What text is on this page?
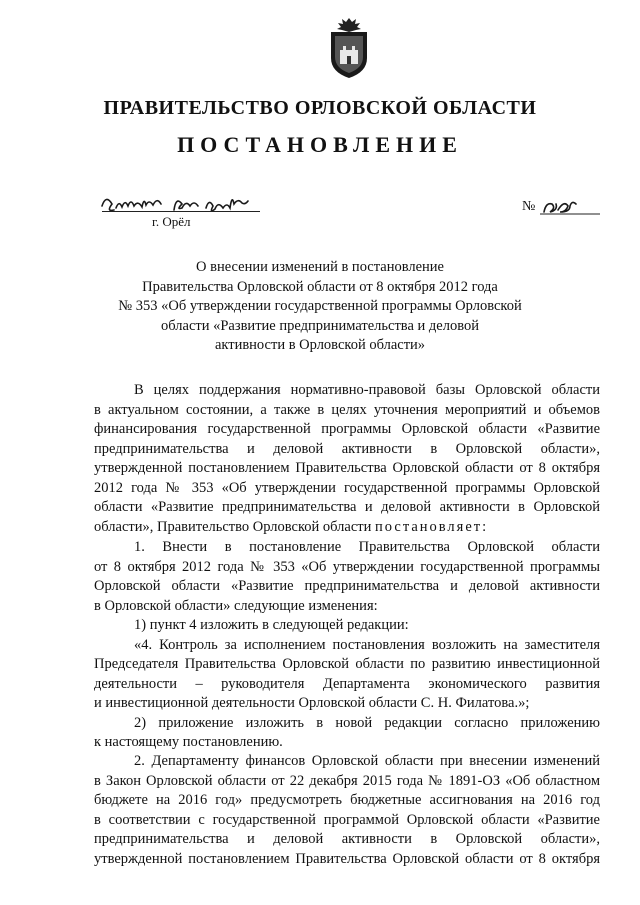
ПРАВИТЕЛЬСТВО ОРЛОВСКОЙ ОБЛАСТИ
ПОСТАНОВЛЕНИЕ
г. Орёл
№
О внесении изменений в постановление
Правительства Орловской области от 8 октября 2012 года
№ 353 «Об утверждении государственной программы Орловской
области «Развитие предпринимательства и деловой
активности в Орловской области»
В целях поддержания нормативно-правовой базы Орловской области
в актуальном состоянии, а также в целях уточнения мероприятий и объемов
финансирования государственной программы Орловской области «Развитие
предпринимательства и деловой активности в Орловской области»,
утвержденной постановлением Правительства Орловской области от 8 октября
2012 года № 353 «Об утверждении государственной программы Орловской
области «Развитие предпринимательства и деловой активности в Орловской
области», Правительство Орловской области постановляет:
1. Внести в постановление Правительства Орловской области
от 8 октября 2012 года № 353 «Об утверждении государственной программы
Орловской области «Развитие предпринимательства и деловой активности
в Орловской области» следующие изменения:
1) пункт 4 изложить в следующей редакции:
«4. Контроль за исполнением постановления возложить на заместителя
Председателя Правительства Орловской области по развитию инвестиционной
деятельности – руководителя Департамента экономического развития
и инвестиционной деятельности Орловской области С. Н. Филатова.»;
2) приложение изложить в новой редакции согласно приложению
к настоящему постановлению.
2. Департаменту финансов Орловской области при внесении изменений
в Закон Орловской области от 22 декабря 2015 года № 1891-ОЗ «Об областном
бюджете на 2016 год» предусмотреть бюджетные ассигнования на 2016 год
в соответствии с государственной программой Орловской области «Развитие
предпринимательства и деловой активности в Орловской области»,
утвержденной постановлением Правительства Орловской области от 8 октября
